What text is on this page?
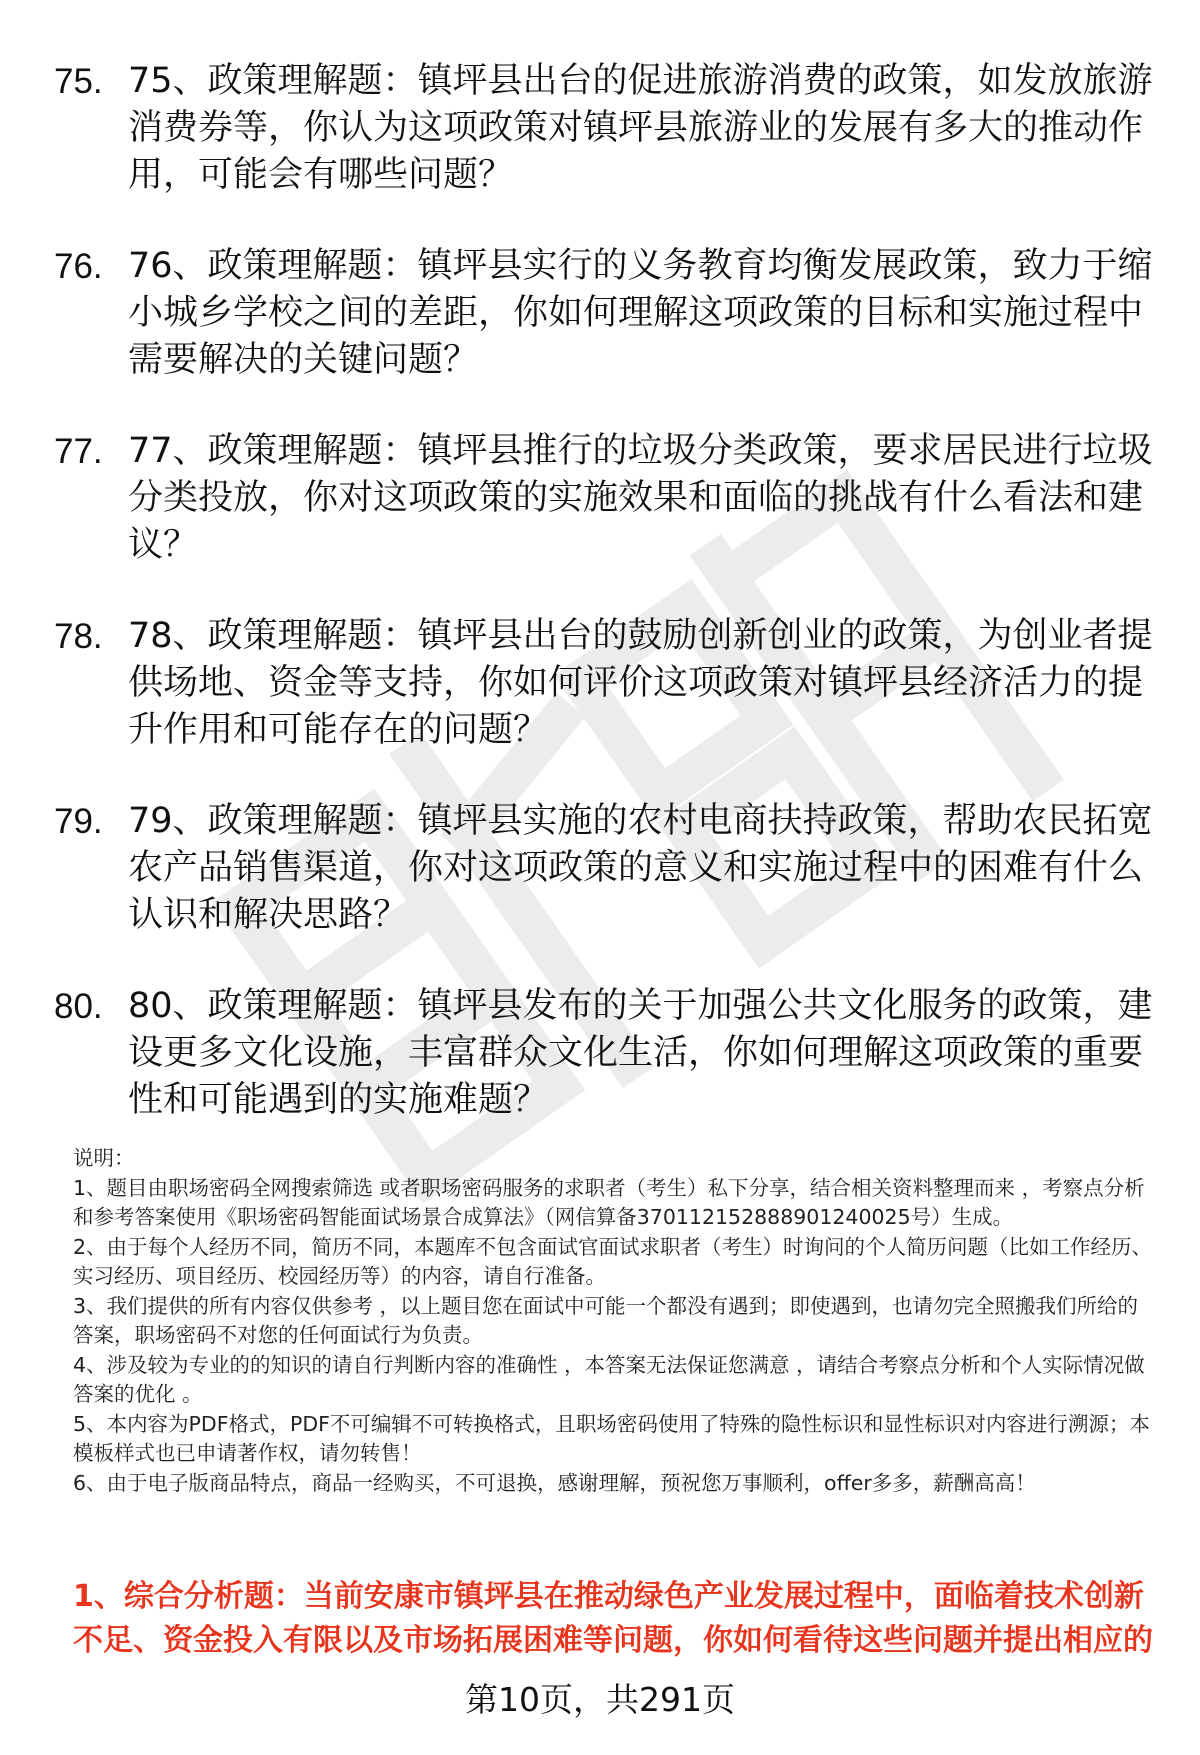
75. 75、政策理解题：镇坪县出台的促进旅游消费的政策，如发放旅游消费券等，你认为这项政策对镇坪县旅游业的发展有多大的推动作用，可能会有哪些问题？
76. 76、政策理解题：镇坪县实行的义务教育均衡发展政策，致力于缩小城乡学校之间的差距，你如何理解这项政策的目标和实施过程中需要解决的关键问题？
77. 77、政策理解题：镇坪县推行的垃圾分类政策，要求居民进行垃圾分类投放，你对这项政策的实施效果和面临的挑战有什么看法和建议？
78. 78、政策理解题：镇坪县出台的鼓励创新创业的政策，为创业者提供场地、资金等支持，你如何评价这项政策对镇坪县经济活力的提升作用和可能存在的问题？
79. 79、政策理解题：镇坪县实施的农村电商扶持政策，帮助农民拓宽农产品销售渠道，你对这项政策的意义和实施过程中的困难有什么认识和解决思路？
80. 80、政策理解题：镇坪县发布的关于加强公共文化服务的政策，建设更多文化设施，丰富群众文化生活，你如何理解这项政策的重要性和可能遇到的实施难题？

说明：

1、题目由职场密码全网搜索筛选 或者职场密码服务的求职者（考生）私下分享，结合相关资料整理而来 ，考察点分析和参考答案使用《职场密码智能面试场景合成算法》（网信算备370112152888901240025号）生成。

2、由于每个人经历不同，简历不同，本题库不包含面试官面试求职者（考生）时询问的个人简历问题（比如工作经历、实习经历、项目经历、校园经历等）的内容，请自行准备。

3、我们提供的所有内容仅供参考 ，以上题目您在面试中可能一个都没有遇到；即使遇到，也请勿完全照搬我们所给的答案，职场密码不对您的任何面试行为负责。

4、涉及较为专业的的知识的请自行判断内容的准确性 ，本答案无法保证您满意 ，请结合考察点分析和个人实际情况做答案的优化 。

5、本内容为PDF格式，PDF不可编辑不可转换格式，且职场密码使用了特殊的隐性标识和显性标识对内容进行溯源；本模板样式也已申请著作权，请勿转售！

6、由于电子版商品特点，商品一经购买，不可退换，感谢理解，预祝您万事顺利，offer多多，薪酬高高！

1、综合分析题：当前安康市镇坪县在推动绿色产业发展过程中，面临着技术创新不足、资金投入有限以及市场拓展困难等问题，你如何看待这些问题并提出相应的

第10页，共291页
